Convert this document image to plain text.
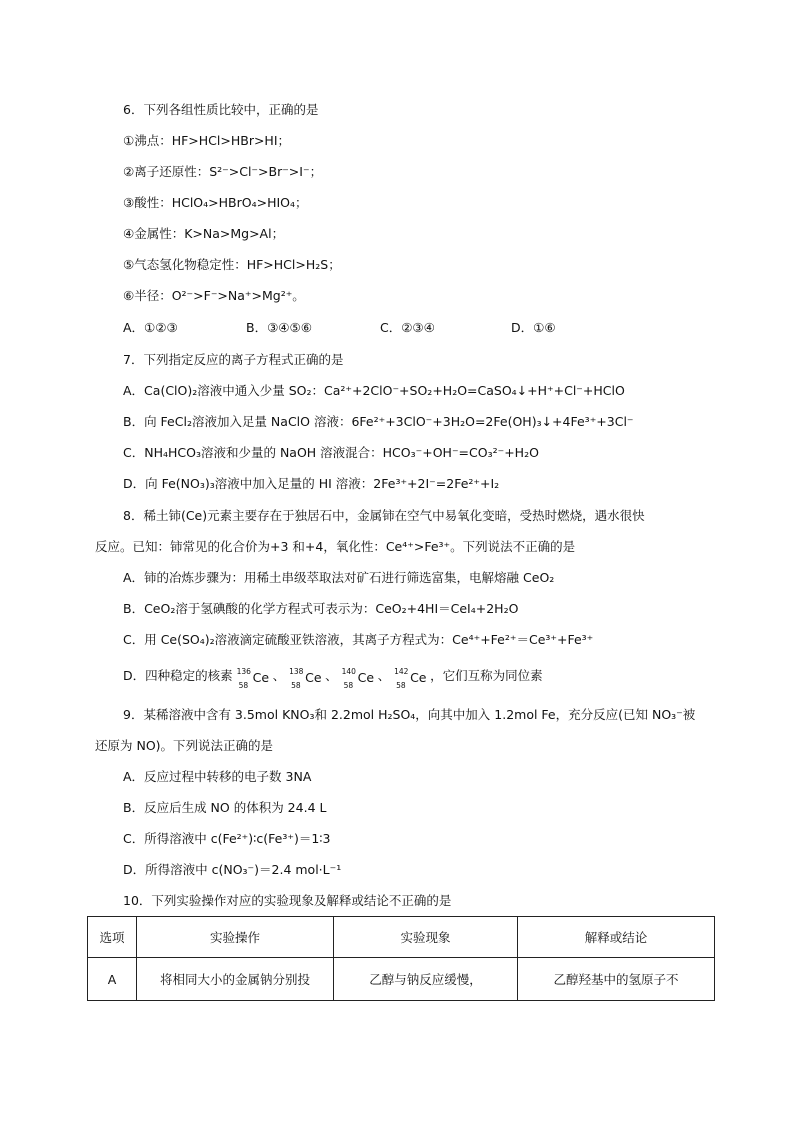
6．下列各组性质比较中，正确的是
①沸点：HF>HCl>HBr>HI；
②离子还原性：S²⁻>Cl⁻>Br⁻>I⁻；
③酸性：HClO₄>HBrO₄>HIO₄；
④金属性：K>Na>Mg>Al；
⑤气态氢化物稳定性：HF>HCl>H₂S；
⑥半径：O²⁻>F⁻>Na⁺>Mg²⁺。
A．①②③	B．③④⑤⑥	C．②③④	D．①⑥
7．下列指定反应的离子方程式正确的是
A．Ca(ClO)₂溶液中通入少量 SO₂：Ca²⁺+2ClO⁻+SO₂+H₂O=CaSO₄↓+H⁺+Cl⁻+HClO
B．向 FeCl₂溶液加入足量 NaClO 溶液：6Fe²⁺+3ClO⁻+3H₂O=2Fe(OH)₃↓+4Fe³⁺+3Cl⁻
C．NH₄HCO₃溶液和少量的 NaOH 溶液混合：HCO₃⁻+OH⁻=CO₃²⁻+H₂O
D．向 Fe(NO₃)₃溶液中加入足量的 HI 溶液：2Fe³⁺+2I⁻=2Fe²⁺+I₂
8．稀土铈(Ce)元素主要存在于独居石中，金属铈在空气中易氧化变暗，受热时燃烧，遇水很快
反应。已知：铈常见的化合价为+3 和+4，氧化性：Ce⁴⁺>Fe³⁺。下列说法不正确的是
A．铈的冶炼步骤为：用稀土串级萃取法对矿石进行筛选富集，电解熔融 CeO₂
B．CeO₂溶于氢碘酸的化学方程式可表示为：CeO₂+4HI＝CeI₄+2H₂O
C．用 Ce(SO₄)₂溶液滴定硫酸亚铁溶液，其离子方程式为：Ce⁴⁺+Fe²⁺＝Ce³⁺+Fe³⁺
D．四种稳定的核素 136
58
Ce 、 138
58
Ce 、 140
58
Ce 、 142
58
Ce ，它们互称为同位素
9．某稀溶液中含有 3.5mol KNO₃和 2.2mol H₂SO₄，向其中加入 1.2mol Fe，充分反应(已知 NO₃⁻被
还原为 NO)。下列说法正确的是
A．反应过程中转移的电子数 3NA
B．反应后生成 NO 的体积为 24.4 L
C．所得溶液中 c(Fe²⁺)∶c(Fe³⁺)＝1∶3
D．所得溶液中 c(NO₃⁻)＝2.4 mol·L⁻¹
10．下列实验操作对应的实验现象及解释或结论不正确的是
选项	实验操作	实验现象	解释或结论
A	将相同大小的金属钠分别投	乙醇与钠反应缓慢，	乙醇羟基中的氢原子不
